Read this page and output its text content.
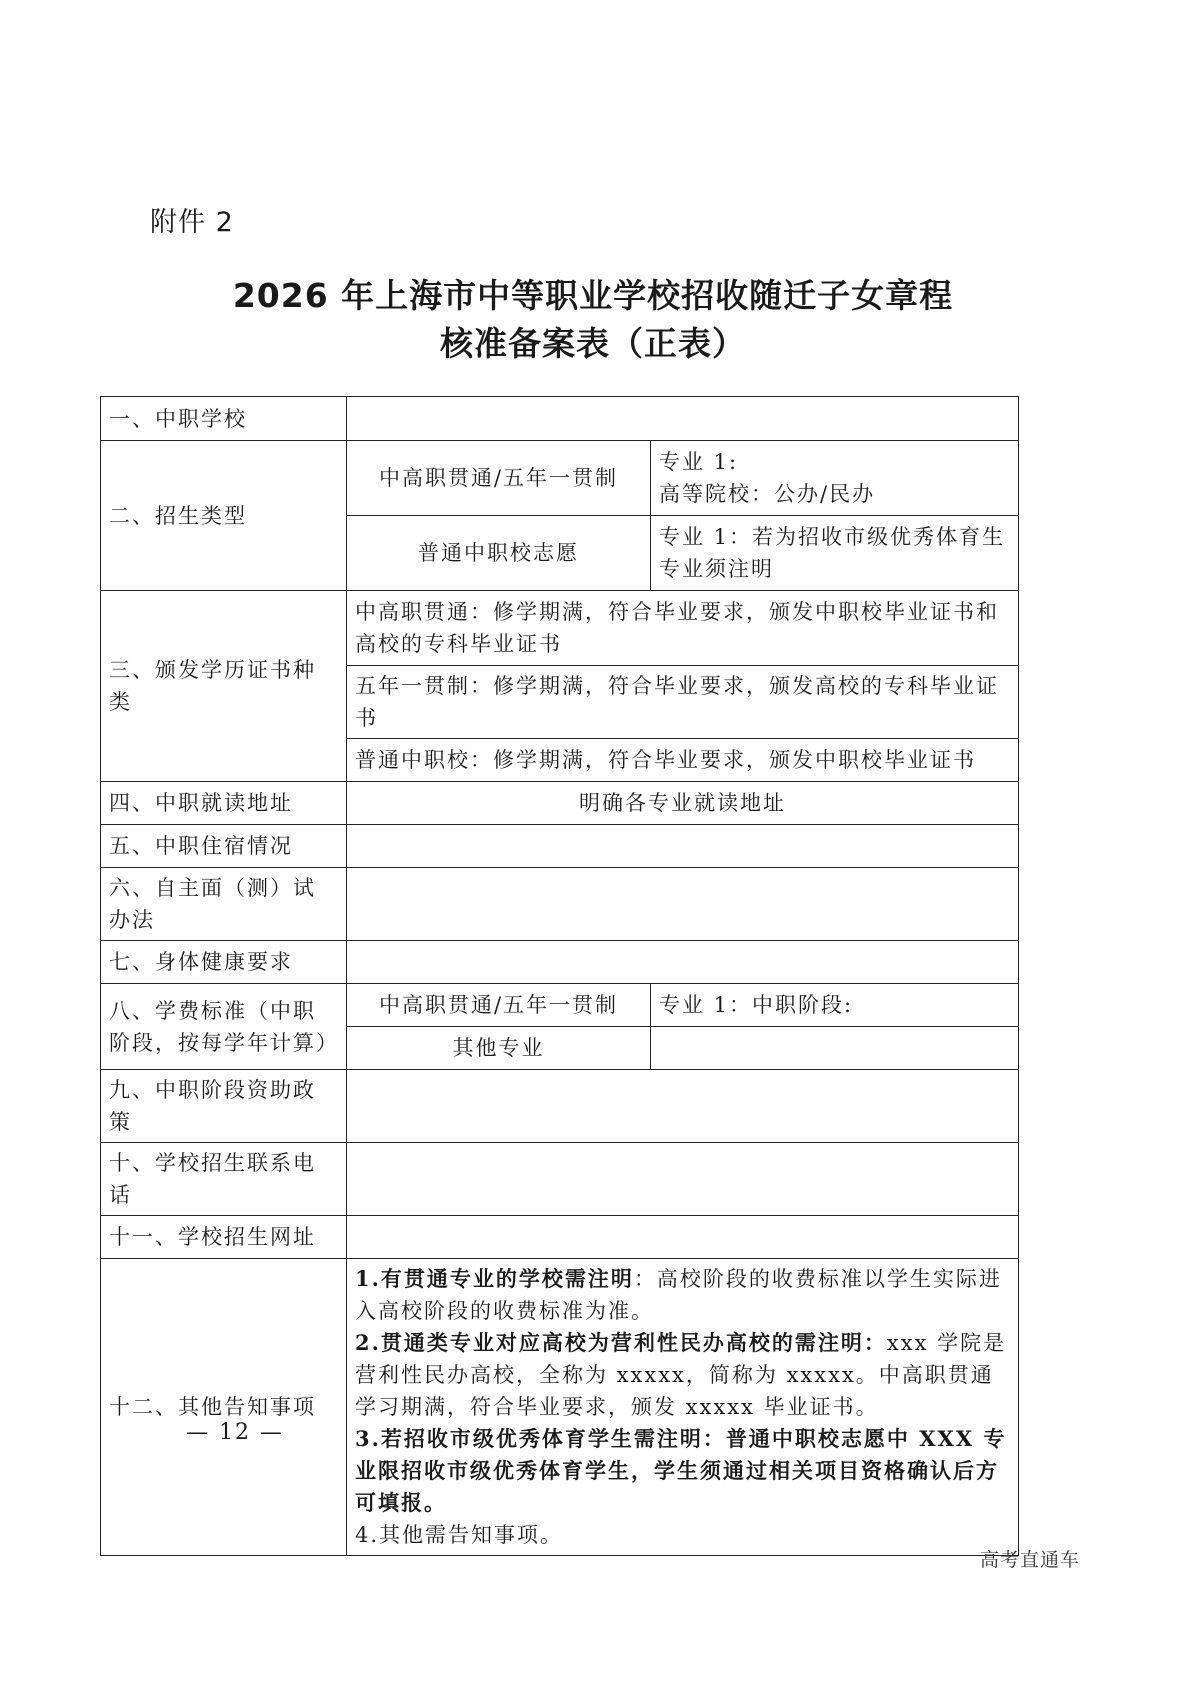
附件 2
2026 年上海市中等职业学校招收随迁子女章程
核准备案表（正表）
一、中职学校		
二、招生类型	中高职贯通/五年一贯制	专业 1:
高等院校：公办/民办

	普通中职校志愿	专业 1：若为招收市级优秀体育生专业须注明
三、颁发学历证书种类	中高职贯通：修学期满，符合毕业要求，颁发中职校毕业证书和高校的专科毕业证书	
	五年一贯制：修学期满，符合毕业要求，颁发高校的专科毕业证书	
	普通中职校：修学期满，符合毕业要求，颁发中职校毕业证书	
四、中职就读地址	明确各专业就读地址	
五、中职住宿情况		
六、自主面（测）试办法		
七、身体健康要求		
八、学费标准（中职阶段，按每学年计算）	中高职贯通/五年一贯制	专业 1：中职阶段:
	其他专业	
九、中职阶段资助政策		
十、学校招生联系电话		
十一、学校招生网址		
十二、其他告知事项	1.有贯通专业的学校需注明：高校阶段的收费标准以学生实际进入高校阶段的收费标准为准。
2.贯通类专业对应高校为营利性民办高校的需注明：xxx 学院是营利性民办高校，全称为 xxxxx，简称为 xxxxx。中高职贯通学习期满，符合毕业要求，颁发 xxxxx 毕业证书。
3.若招收市级优秀体育学生需注明：普通中职校志愿中 XXX 专业限招收市级优秀体育学生，学生须通过相关项目资格确认后方可填报。
4.其他需告知事项。	
— 12 —
高考直通车
